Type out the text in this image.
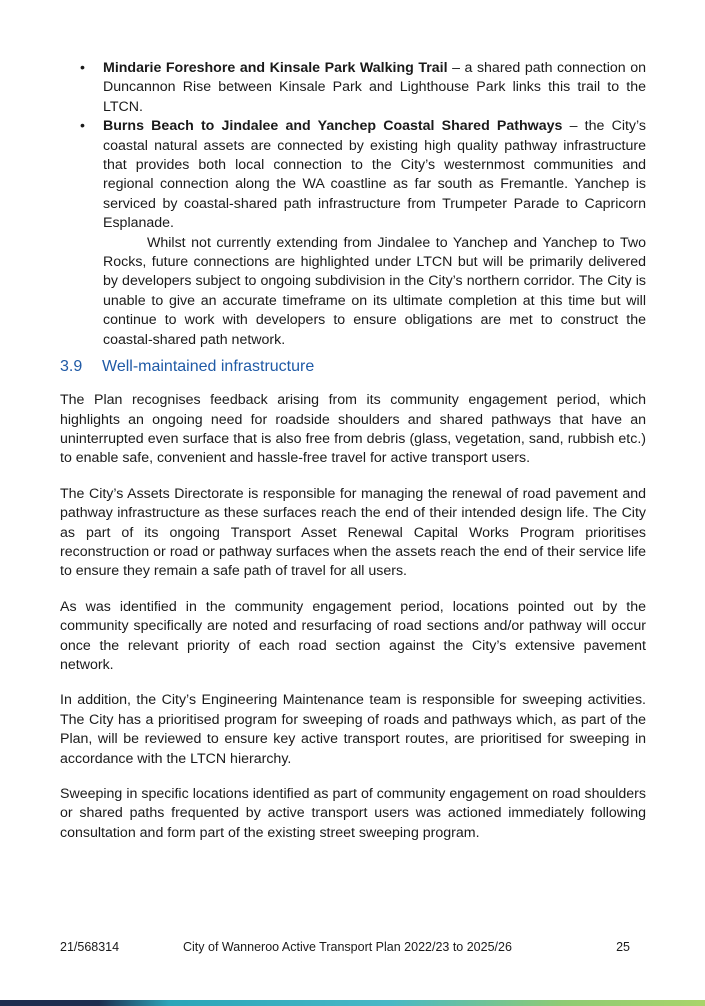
• Mindarie Foreshore and Kinsale Park Walking Trail – a shared path connection on Duncannon Rise between Kinsale Park and Lighthouse Park links this trail to the LTCN.
• Burns Beach to Jindalee and Yanchep Coastal Shared Pathways – the City’s coastal natural assets are connected by existing high quality pathway infrastructure that provides both local connection to the City’s westernmost communities and regional connection along the WA coastline as far south as Fremantle. Yanchep is serviced by coastal-shared path infrastructure from Trumpeter Parade to Capricorn Esplanade.

Whilst not currently extending from Jindalee to Yanchep and Yanchep to Two Rocks, future connections are highlighted under LTCN but will be primarily delivered by developers subject to ongoing subdivision in the City’s northern corridor. The City is unable to give an accurate timeframe on its ultimate completion at this time but will continue to work with developers to ensure obligations are met to construct the coastal-shared path network.

3.9 Well-maintained infrastructure

The Plan recognises feedback arising from its community engagement period, which highlights an ongoing need for roadside shoulders and shared pathways that have an uninterrupted even surface that is also free from debris (glass, vegetation, sand, rubbish etc.) to enable safe, convenient and hassle-free travel for active transport users.

The City’s Assets Directorate is responsible for managing the renewal of road pavement and pathway infrastructure as these surfaces reach the end of their intended design life. The City as part of its ongoing Transport Asset Renewal Capital Works Program prioritises reconstruction or road or pathway surfaces when the assets reach the end of their service life to ensure they remain a safe path of travel for all users.

As was identified in the community engagement period, locations pointed out by the community specifically are noted and resurfacing of road sections and/or pathway will occur once the relevant priority of each road section against the City’s extensive pavement network.

In addition, the City’s Engineering Maintenance team is responsible for sweeping activities. The City has a prioritised program for sweeping of roads and pathways which, as part of the Plan, will be reviewed to ensure key active transport routes, are prioritised for sweeping in accordance with the LTCN hierarchy.

Sweeping in specific locations identified as part of community engagement on road shoulders or shared paths frequented by active transport users was actioned immediately following consultation and form part of the existing street sweeping program.

21/568314	City of Wanneroo Active Transport Plan 2022/23 to 2025/26	25
